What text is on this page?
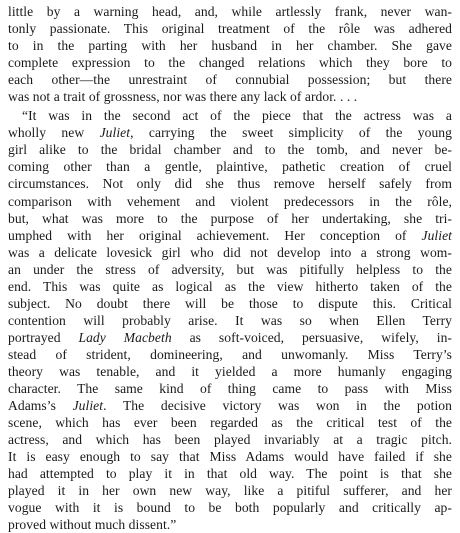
little by a warning head, and, while artlessly frank, never wan-
tonly passionate. This original treatment of the rôle was adhered
to in the parting with her husband in her chamber. She gave
complete expression to the changed relations which they bore to
each other—the unrestraint of connubial possession; but there
was not a trait of grossness, nor was there any lack of ardor. . . .
“It was in the second act of the piece that the actress was a
wholly new Juliet, carrying the sweet simplicity of the young
girl alike to the bridal chamber and to the tomb, and never be-
coming other than a gentle, plaintive, pathetic creation of cruel
circumstances. Not only did she thus remove herself safely from
comparison with vehement and violent predecessors in the rôle,
but, what was more to the purpose of her undertaking, she tri-
umphed with her original achievement. Her conception of Juliet
was a delicate lovesick girl who did not develop into a strong wom-
an under the stress of adversity, but was pitifully helpless to the
end. This was quite as logical as the view hitherto taken of the
subject. No doubt there will be those to dispute this. Critical
contention will probably arise. It was so when Ellen Terry
portrayed Lady Macbeth as soft-voiced, persuasive, wifely, in-
stead of strident, domineering, and unwomanly. Miss Terry’s
theory was tenable, and it yielded a more humanly engaging
character. The same kind of thing came to pass with Miss
Adams’s Juliet. The decisive victory was won in the potion
scene, which has ever been regarded as the critical test of the
actress, and which has been played invariably at a tragic pitch.
It is easy enough to say that Miss Adams would have failed if she
had attempted to play it in that old way. The point is that she
played it in her own new way, like a pitiful sufferer, and her
vogue with it is bound to be both popularly and critically ap-
proved without much dissent.”
